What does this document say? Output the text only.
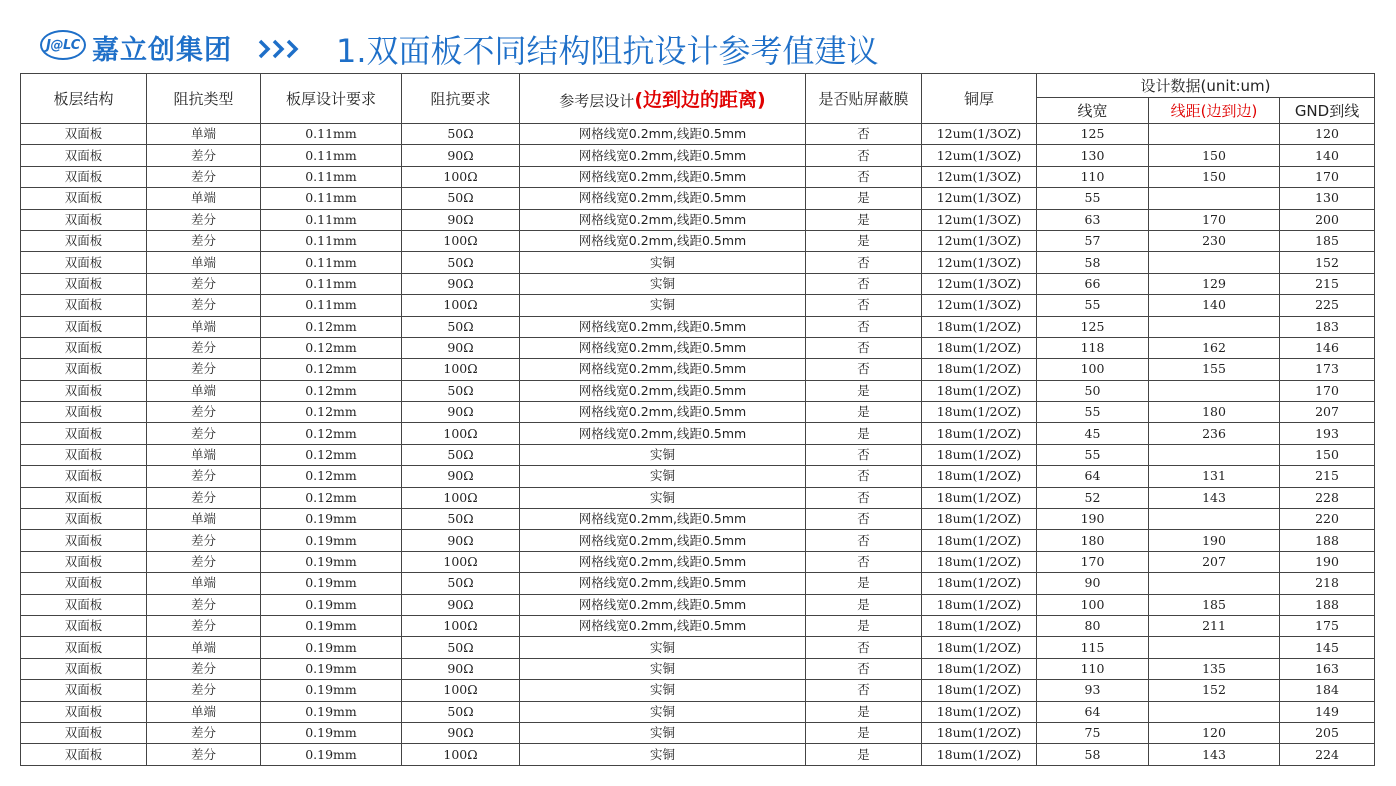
J@LC 嘉立创集团	1.双面板不同结构阻抗设计参考值建议
板层结构	阻抗类型	板厚设计要求	阻抗要求	参考层设计(边到边的距离)	是否贴屏蔽膜	铜厚	设计数据(unit:um)		
							线宽	线距(边到边)	GND到线
双面板	单端	0.11mm	50Ω	网格线宽0.2mm,线距0.5mm	否	12um(1/3OZ)	125		120
双面板	差分	0.11mm	90Ω	网格线宽0.2mm,线距0.5mm	否	12um(1/3OZ)	130	150	140
双面板	差分	0.11mm	100Ω	网格线宽0.2mm,线距0.5mm	否	12um(1/3OZ)	110	150	170
双面板	单端	0.11mm	50Ω	网格线宽0.2mm,线距0.5mm	是	12um(1/3OZ)	55		130
双面板	差分	0.11mm	90Ω	网格线宽0.2mm,线距0.5mm	是	12um(1/3OZ)	63	170	200
双面板	差分	0.11mm	100Ω	网格线宽0.2mm,线距0.5mm	是	12um(1/3OZ)	57	230	185
双面板	单端	0.11mm	50Ω	实铜	否	12um(1/3OZ)	58		152
双面板	差分	0.11mm	90Ω	实铜	否	12um(1/3OZ)	66	129	215
双面板	差分	0.11mm	100Ω	实铜	否	12um(1/3OZ)	55	140	225
双面板	单端	0.12mm	50Ω	网格线宽0.2mm,线距0.5mm	否	18um(1/2OZ)	125		183
双面板	差分	0.12mm	90Ω	网格线宽0.2mm,线距0.5mm	否	18um(1/2OZ)	118	162	146
双面板	差分	0.12mm	100Ω	网格线宽0.2mm,线距0.5mm	否	18um(1/2OZ)	100	155	173
双面板	单端	0.12mm	50Ω	网格线宽0.2mm,线距0.5mm	是	18um(1/2OZ)	50		170
双面板	差分	0.12mm	90Ω	网格线宽0.2mm,线距0.5mm	是	18um(1/2OZ)	55	180	207
双面板	差分	0.12mm	100Ω	网格线宽0.2mm,线距0.5mm	是	18um(1/2OZ)	45	236	193
双面板	单端	0.12mm	50Ω	实铜	否	18um(1/2OZ)	55		150
双面板	差分	0.12mm	90Ω	实铜	否	18um(1/2OZ)	64	131	215
双面板	差分	0.12mm	100Ω	实铜	否	18um(1/2OZ)	52	143	228
双面板	单端	0.19mm	50Ω	网格线宽0.2mm,线距0.5mm	否	18um(1/2OZ)	190		220
双面板	差分	0.19mm	90Ω	网格线宽0.2mm,线距0.5mm	否	18um(1/2OZ)	180	190	188
双面板	差分	0.19mm	100Ω	网格线宽0.2mm,线距0.5mm	否	18um(1/2OZ)	170	207	190
双面板	单端	0.19mm	50Ω	网格线宽0.2mm,线距0.5mm	是	18um(1/2OZ)	90		218
双面板	差分	0.19mm	90Ω	网格线宽0.2mm,线距0.5mm	是	18um(1/2OZ)	100	185	188
双面板	差分	0.19mm	100Ω	网格线宽0.2mm,线距0.5mm	是	18um(1/2OZ)	80	211	175
双面板	单端	0.19mm	50Ω	实铜	否	18um(1/2OZ)	115		145
双面板	差分	0.19mm	90Ω	实铜	否	18um(1/2OZ)	110	135	163
双面板	差分	0.19mm	100Ω	实铜	否	18um(1/2OZ)	93	152	184
双面板	单端	0.19mm	50Ω	实铜	是	18um(1/2OZ)	64		149
双面板	差分	0.19mm	90Ω	实铜	是	18um(1/2OZ)	75	120	205
双面板	差分	0.19mm	100Ω	实铜	是	18um(1/2OZ)	58	143	224
